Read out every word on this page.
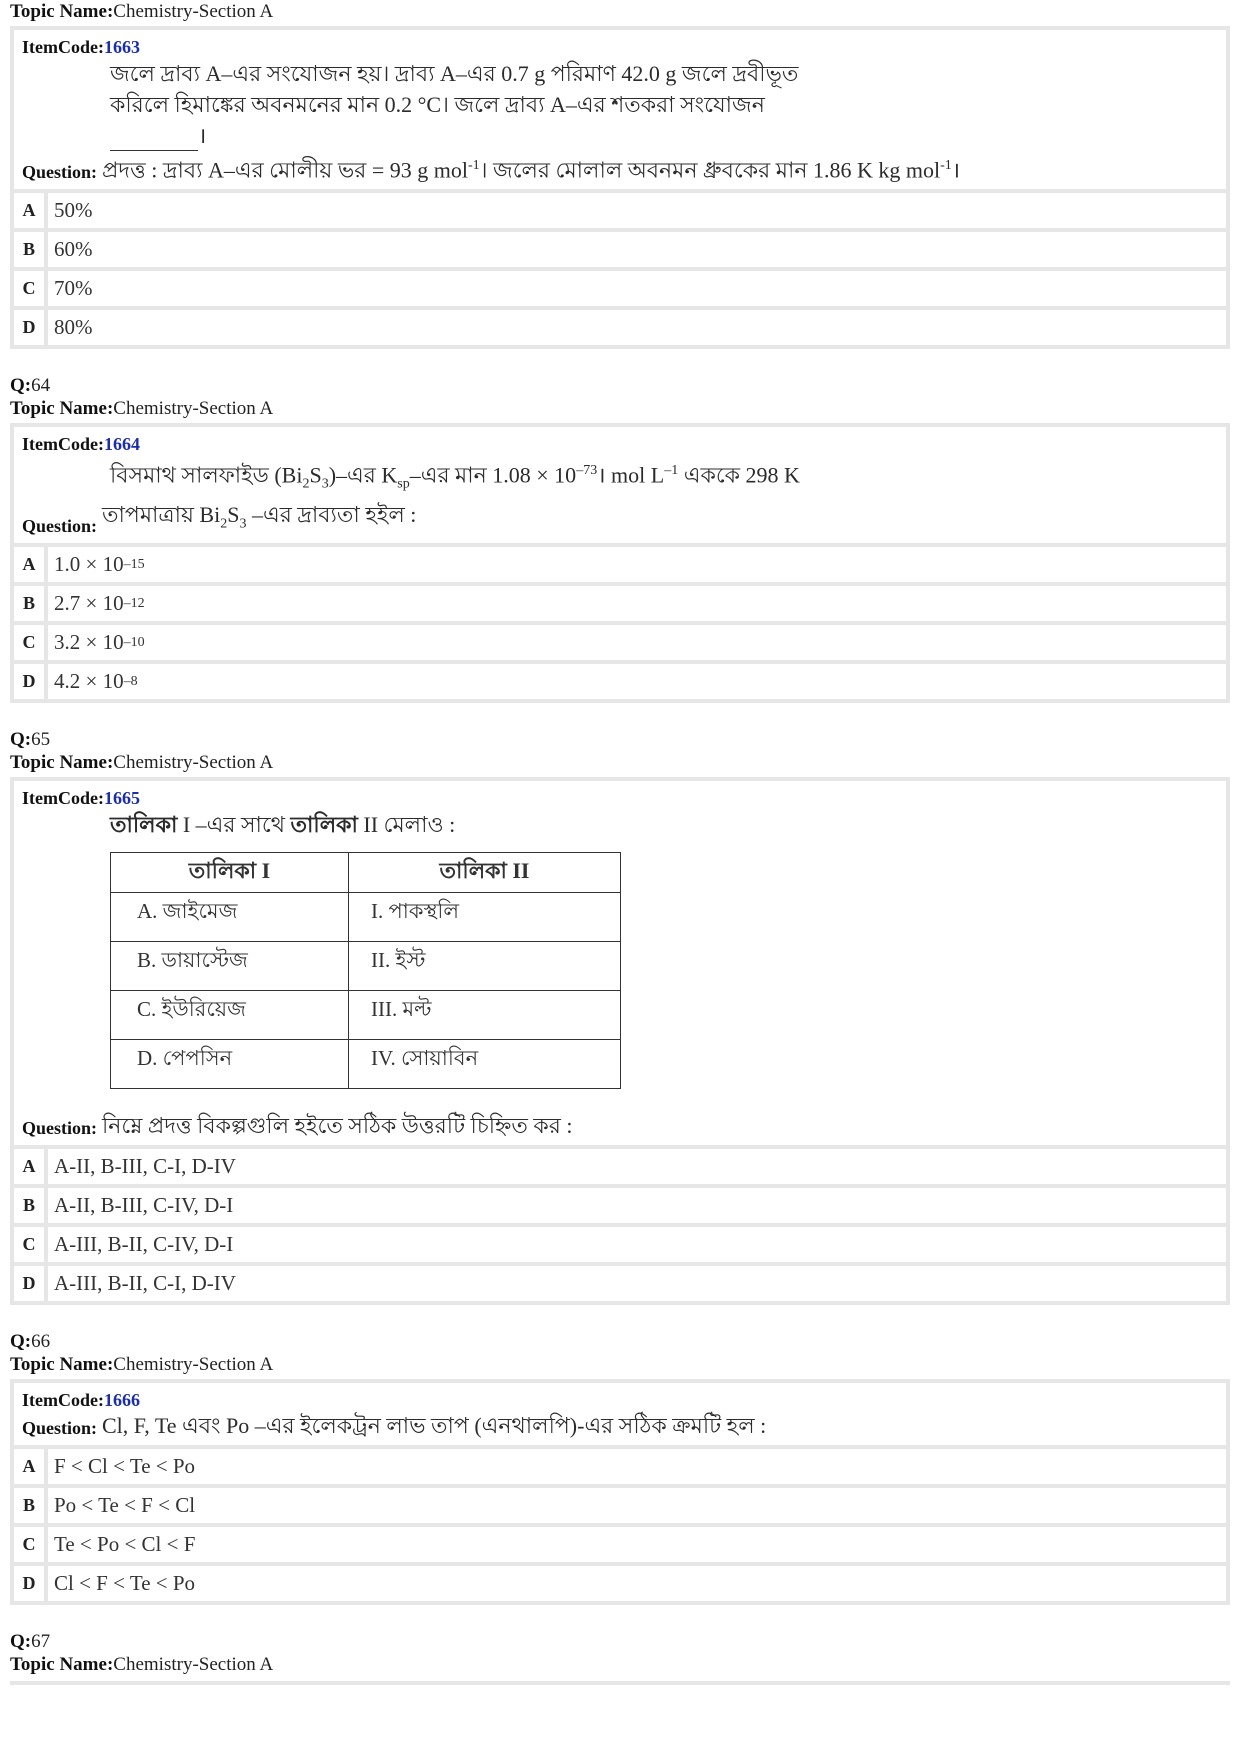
Topic Name:Chemistry-Section A
ItemCode:1663
জলে দ্রাব্য A–এর সংযোজন হয়। দ্রাব্য A–এর 0.7 g পরিমাণ 42.0 g জলে দ্রবীভূত
করিলে হিমাঙ্কের অবনমনের মান 0.2 °C। জলে দ্রাব্য A–এর শতকরা সংযোজন
।
Question: প্রদত্ত : দ্রাব্য A–এর মোলীয় ভর = 93 g mol$^{-1}$। জলের মোলাল অবনমন ধ্রুবকের মান 1.86 K kg mol$^{-1}$।
A 50%
B 60%
C 70%
D 80%
Q:64
Topic Name:Chemistry-Section A
ItemCode:1664
বিসমাথ সালফাইড $(Bi_2S_3)-এর$ $K_{sp}-এর$ মান $1.08 \times 10^{-73}।$ mol $L^{-1}$ এককে 298 K
Question: তাপমাত্রায় $Bi_2S_3$ –এর দ্রাব্যতা হইল :
A 1.0 × 10 –15
B 2.7 × 10 –12
C 3.2 × 10 –10
D 4.2 × 10 –8
Q:65
Topic Name:Chemistry-Section A
ItemCode:1665
তালিকা I –এর সাথে তালিকা II মেলাও :
তালিকা I	তালিকা II
A. জাইমেজ	I. পাকস্থলি
B. ডায়াস্টেজ	II. ইস্ট
C. ইউরিয়েজ	III. মল্ট
D. পেপসিন	IV. সোয়াবিন
Question: নিম্নে প্রদত্ত বিকল্পগুলি হইতে সঠিক উত্তরটি চিহ্নিত কর :
A A-II, B-III, C-I, D-IV
B A-II, B-III, C-IV, D-I
C A-III, B-II, C-IV, D-I
D A-III, B-II, C-I, D-IV
Q:66
Topic Name:Chemistry-Section A
ItemCode:1666
Question: Cl, F, Te এবং Po –এর ইলেকট্রন লাভ তাপ (এনথালপি)-এর সঠিক ক্রমটি হল :
A F < Cl < Te < Po
B Po < Te < F < Cl
C Te < Po < Cl < F
D Cl < F < Te < Po
Q:67
Topic Name:Chemistry-Section A
